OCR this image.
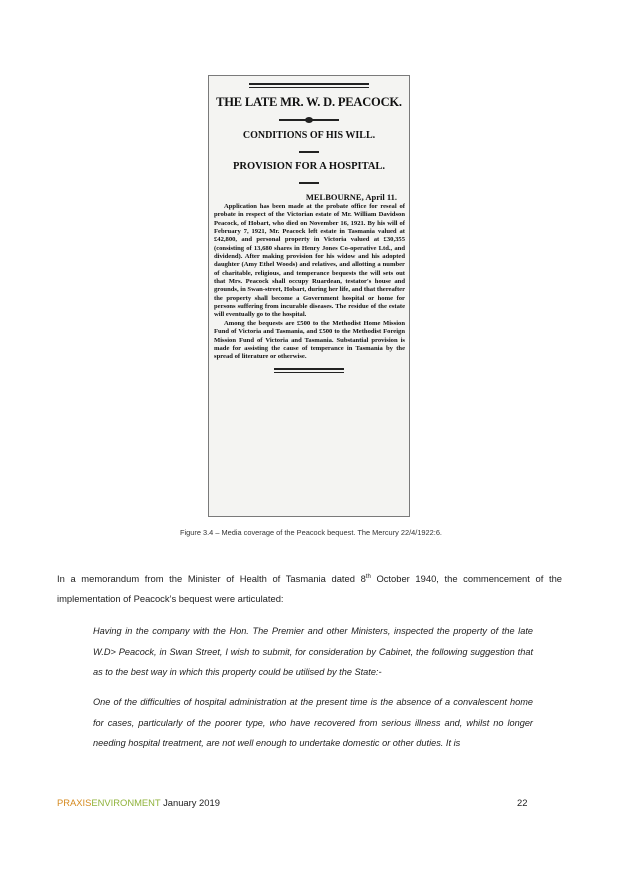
THE LATE MR. W. D. PEACOCK.
CONDITIONS OF HIS WILL.
PROVISION FOR A HOSPITAL.
MELBOURNE, April 11.

Application has been made at the probate office for reseal of probate in respect of the Victorian estate of Mr. William Davidson Peacock, of Hobart, who died on November 16, 1921. By his will of February 7, 1921, Mr. Peacock left estate in Tasmania valued at £42,800, and personal property in Victoria valued at £30,355 (consisting of 13,680 shares in Henry Jones Co-operative Ltd., and dividend). After making provision for his widow and his adopted daughter (Amy Ethel Woods) and relatives, and allotting a number of charitable, religious, and temperance bequests the will sets out that Mrs. Peacock shall occupy Ruardean, testator's house and grounds, in Swan-street, Hobart, during her life, and that thereafter the property shall become a Government hospital or home for persons suffering from incurable diseases. The residue of the estate will eventually go to the hospital.

Among the bequests are £500 to the Methodist Home Mission Fund of Victoria and Tasmania, and £500 to the Methodist Foreign Mission Fund of Victoria and Tasmania. Substantial provision is made for assisting the cause of temperance in Tasmania by the spread of literature or otherwise.

Figure 3.4 – Media coverage of the Peacock bequest. The Mercury 22/4/1922:6.
In a memorandum from the Minister of Health of Tasmania dated 8th October 1940, the commencement of the implementation of Peacock’s bequest were articulated:
Having in the company with the Hon. The Premier and other Ministers, inspected the property of the late W.D> Peacock, in Swan Street, I wish to submit, for consideration by Cabinet, the following suggestion that as to the best way in which this property could be utilised by the State:-
One of the difficulties of hospital administration at the present time is the absence of a convalescent home for cases, particularly of the poorer type, who have recovered from serious illness and, whilst no longer needing hospital treatment, are not well enough to undertake domestic or other duties. It is
PRAXISENVIRONMENT January 2019	22
